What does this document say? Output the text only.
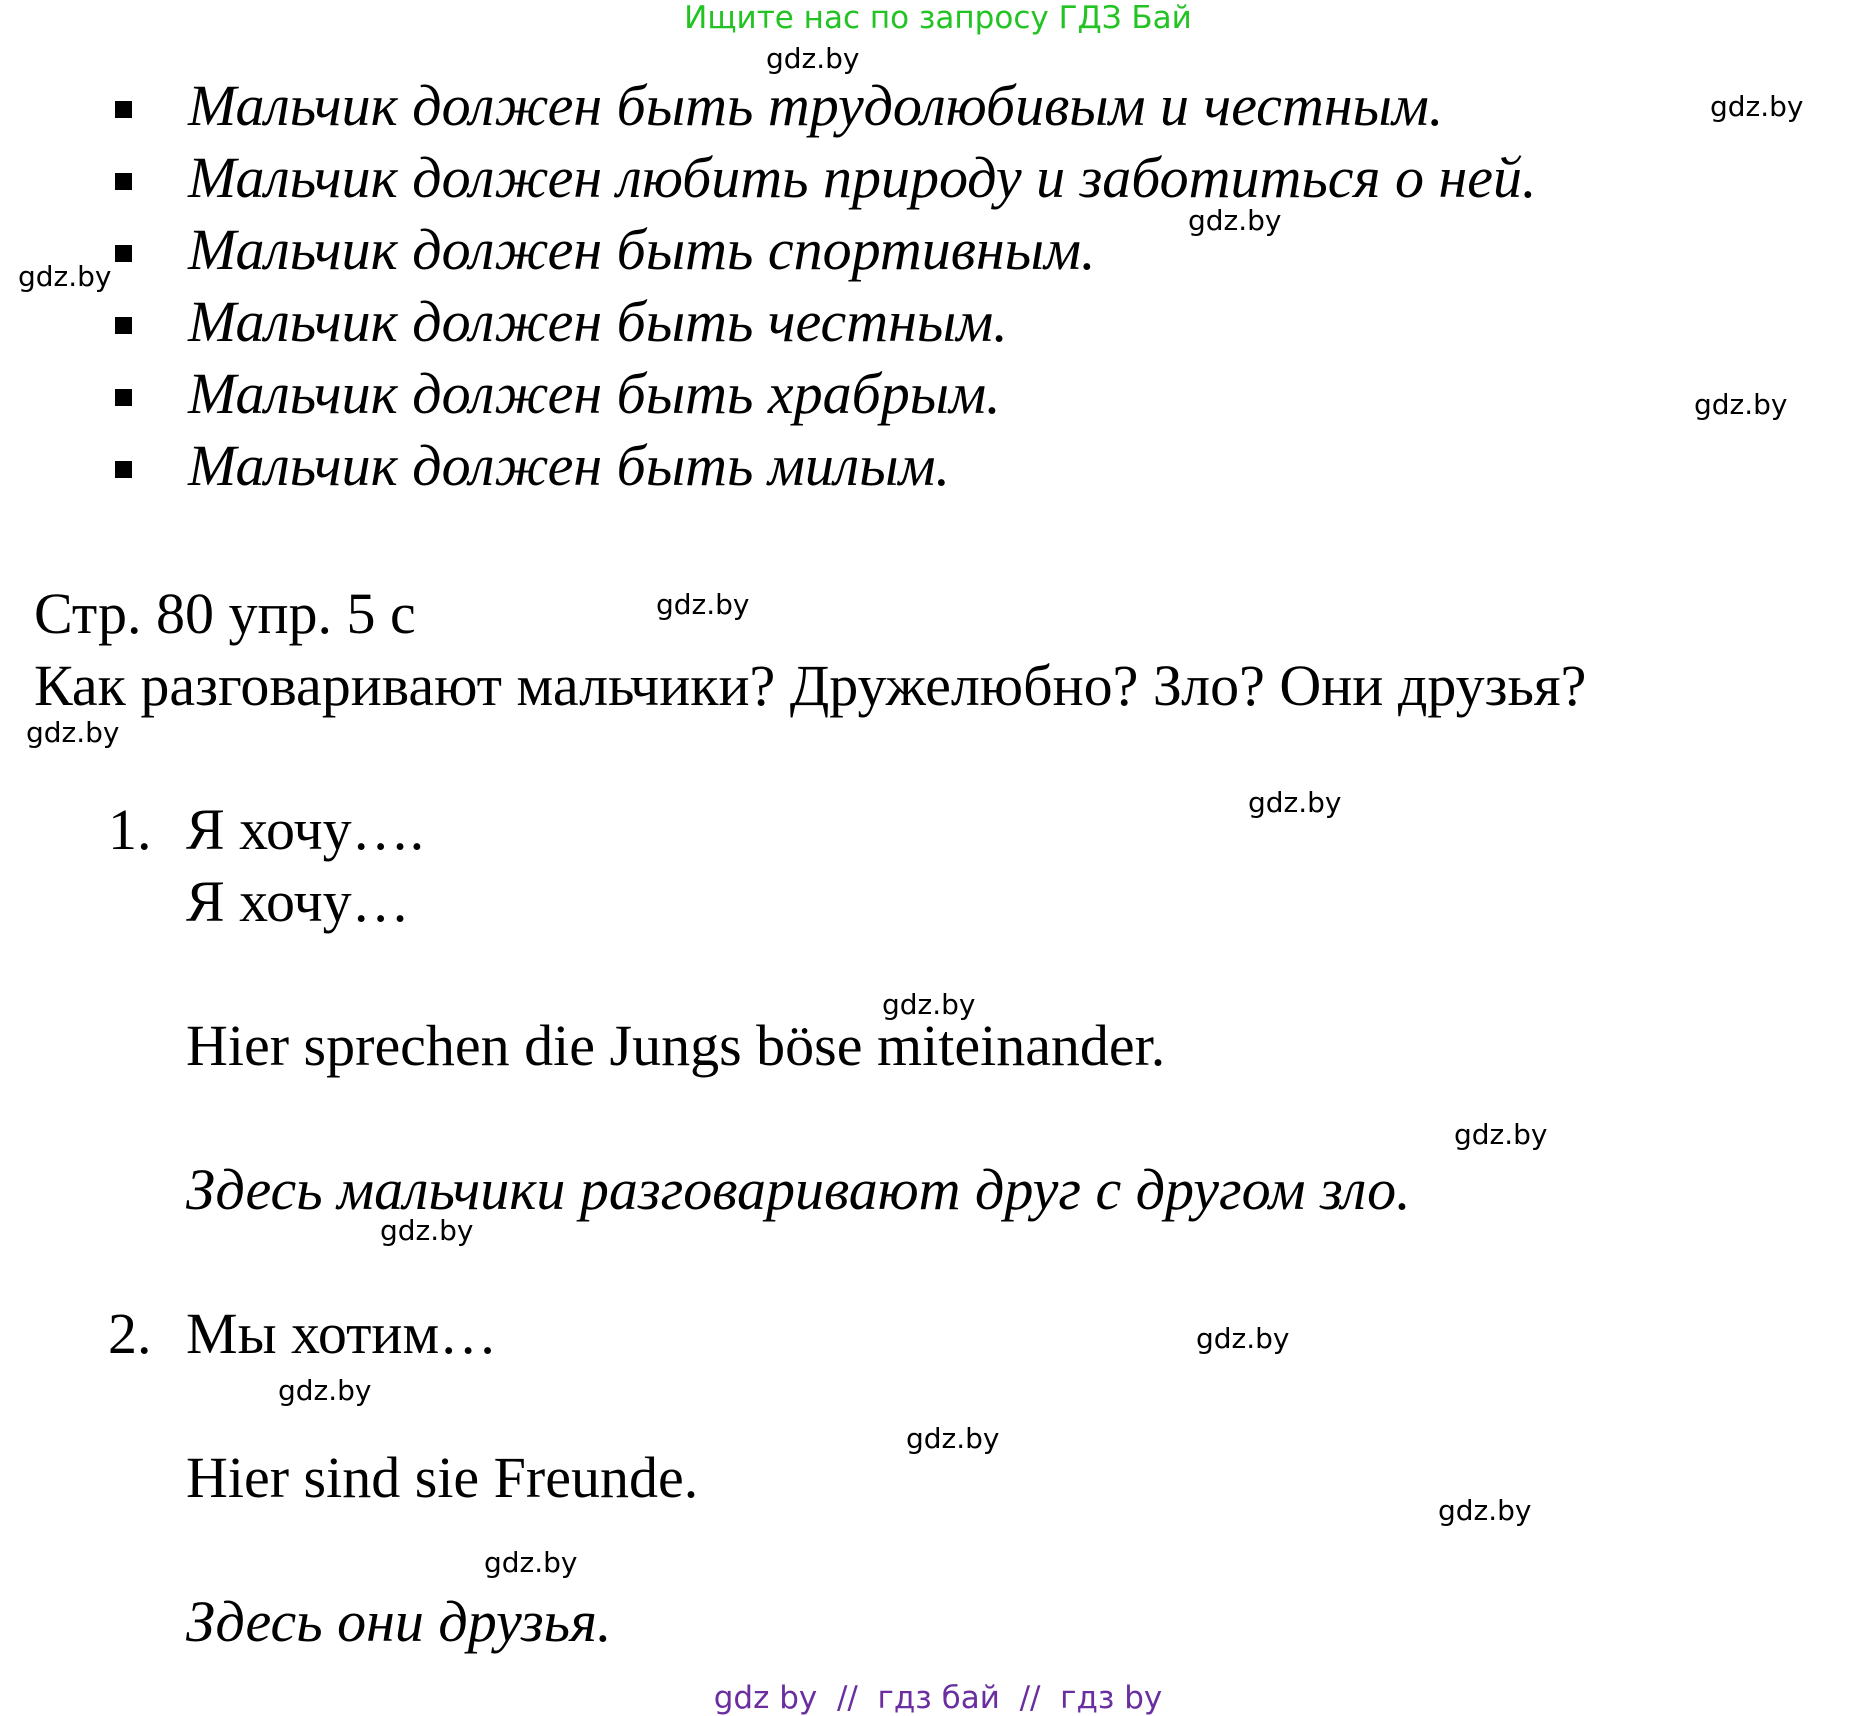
Ищите нас по запросу ГДЗ Бай
Мальчик должен быть трудолюбивым и честным.
Мальчик должен любить природу и заботиться о ней.
Мальчик должен быть спортивным.
Мальчик должен быть честным.
Мальчик должен быть храбрым.
Мальчик должен быть милым.
Стр. 80 упр. 5 с
Как разговаривают мальчики? Дружелюбно? Зло? Они друзья?
1. Я хочу….
Я хочу…
Hier sprechen die Jungs böse miteinander.
Здесь мальчики разговаривают друг с другом зло.
2. Мы хотим…
Hier sind sie Freunde.
Здесь они друзья.
gdz.by
gdz.by
gdz.by
gdz.by
gdz.by
gdz.by
gdz.by
gdz.by
gdz.by
gdz.by
gdz.by
gdz.by
gdz.by
gdz.by
gdz.by
gdz.by
gdz by  //  гдз бай  //  гдз by
